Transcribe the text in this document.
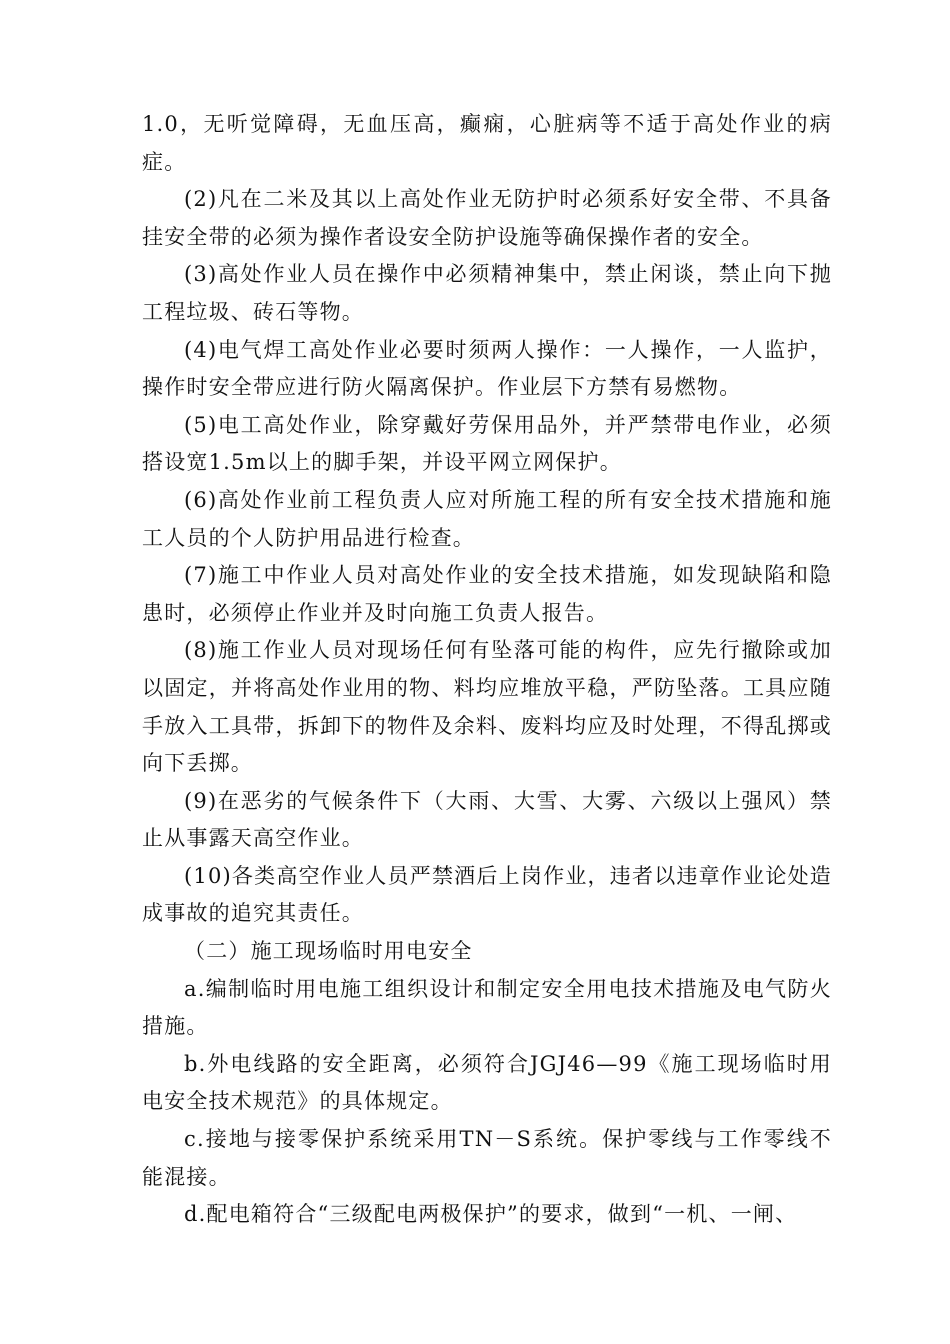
1.0，无听觉障碍，无血压高，癫痫，心脏病等不适于高处作业的病症。

(2)凡在二米及其以上高处作业无防护时必须系好安全带、不具备挂安全带的必须为操作者设安全防护设施等确保操作者的安全。

(3)高处作业人员在操作中必须精神集中，禁止闲谈，禁止向下抛工程垃圾、砖石等物。

(4)电气焊工高处作业必要时须两人操作：一人操作，一人监护，操作时安全带应进行防火隔离保护。作业层下方禁有易燃物。

(5)电工高处作业，除穿戴好劳保用品外，并严禁带电作业，必须搭设宽1.5m以上的脚手架，并设平网立网保护。

(6)高处作业前工程负责人应对所施工程的所有安全技术措施和施工人员的个人防护用品进行检查。

(7)施工中作业人员对高处作业的安全技术措施，如发现缺陷和隐患时，必须停止作业并及时向施工负责人报告。

(8)施工作业人员对现场任何有坠落可能的构件，应先行撤除或加以固定，并将高处作业用的物、料均应堆放平稳，严防坠落。工具应随手放入工具带，拆卸下的物件及余料、废料均应及时处理，不得乱掷或向下丢掷。

(9)在恶劣的气候条件下（大雨、大雪、大雾、六级以上强风）禁止从事露天高空作业。

(10)各类高空作业人员严禁酒后上岗作业，违者以违章作业论处造成事故的追究其责任。

（二）施工现场临时用电安全

a.编制临时用电施工组织设计和制定安全用电技术措施及电气防火措施。

b.外电线路的安全距离，必须符合JGJ46—99《施工现场临时用电安全技术规范》的具体规定。

c.接地与接零保护系统采用TN－S系统。保护零线与工作零线不能混接。

d.配电箱符合“三级配电两极保护”的要求，做到“一机、一闸、
